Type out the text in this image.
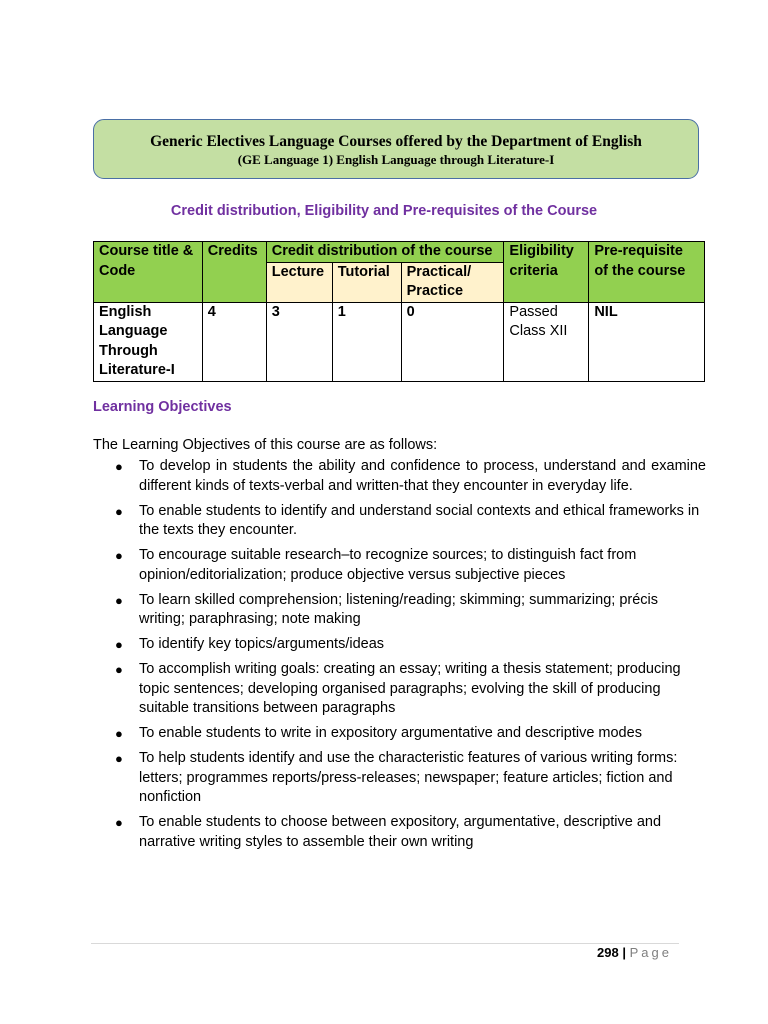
Generic Electives Language Courses offered by the Department of English
(GE Language 1) English Language through Literature-I
Credit distribution, Eligibility and Pre-requisites of the Course
Course title & Code	Credits	Credit distribution of the course			Eligibility criteria	Pre-requisite of the course
		Lecture	Tutorial	Practical/ Practice		
English Language Through Literature-I	4	3	1	0	Passed Class XII	NIL
Learning Objectives
The Learning Objectives of this course are as follows:
● To develop in students the ability and confidence to process, understand and examine different kinds of texts-verbal and written-that they encounter in everyday life.
● To enable students to identify and understand social contexts and ethical frameworks in the texts they encounter.
● To encourage suitable research–to recognize sources; to distinguish fact from opinion/editorialization; produce objective versus subjective pieces
● To learn skilled comprehension; listening/reading; skimming; summarizing; précis writing; paraphrasing; note making
● To identify key topics/arguments/ideas
● To accomplish writing goals: creating an essay; writing a thesis statement; producing topic sentences; developing organised paragraphs; evolving the skill of producing suitable transitions between paragraphs
● To enable students to write in expository argumentative and descriptive modes
● To help students identify and use the characteristic features of various writing forms: letters; programmes reports/press-releases; newspaper; feature articles; fiction and nonfiction
● To enable students to choose between expository, argumentative, descriptive and narrative writing styles to assemble their own writing
298 | Page
